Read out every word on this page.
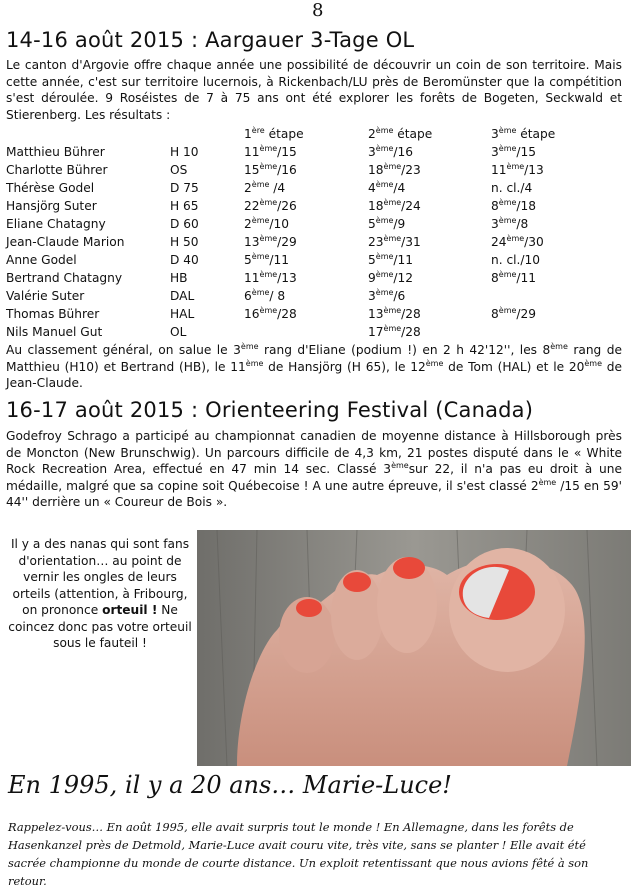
8
14-16 août 2015 : Aargauer 3-Tage OL

Le canton d'Argovie offre chaque année une possibilité de découvrir un coin de son territoire. Mais cette année, c'est sur territoire lucernois, à Rickenbach/LU près de Beromünster que la compétition s'est déroulée. 9 Roséistes de 7 à 75 ans ont été explorer les forêts de Bogeten, Seckwald et Stierenberg. Les résultats :

		1ère étape	2ème étape	3ème étape
Matthieu Bührer	H 10	11ème/15	3ème/16	3ème/15
Charlotte Bührer	OS	15ème/16	18ème/23	11ème/13
Thérèse Godel	D 75	2ème /4	4ème/4	n. cl./4
Hansjörg Suter	H 65	22ème/26	18ème/24	8ème/18
Eliane Chatagny	D 60	2ème/10	5ème/9	3ème/8
Jean-Claude Marion	H 50	13ème/29	23ème/31	24ème/30
Anne Godel	D 40	5ème/11	5ème/11	n. cl./10
Bertrand Chatagny	HB	11ème/13	9ème/12	8ème/11
Valérie Suter	DAL	6ème/ 8	3ème/6	
Thomas Bührer	HAL	16ème/28	13ème/28	8ème/29
Nils Manuel Gut	OL		17ème/28	

Au classement général, on salue le 3ème rang d'Eliane (podium !) en 2 h 42'12'', les 8ème rang de Matthieu (H10) et Bertrand (HB), le 11ème de Hansjörg (H 65), le 12ème de Tom (HAL) et le 20ème de Jean-Claude.

16-17 août 2015 : Orienteering Festival (Canada)

Godefroy Schrago a participé au championnat canadien de moyenne distance à Hillsborough près de Moncton (New Brunschwig). Un parcours difficile de 4,3 km, 21 postes disputé dans le « White Rock Recreation Area, effectué en 47 min 14 sec. Classé 3èmesur 22, il n'a pas eu droit à une médaille, malgré que sa copine soit Québecoise ! A une autre épreuve, il s'est classé 2ème /15 en 59' 44'' derrière un « Coureur de Bois ».

Il y a des nanas qui sont fans d'orientation… au point de vernir les ongles de leurs orteils (attention, à Fribourg, on prononce orteuil ! Ne coincez donc pas votre orteuil sous le fauteil !
En 1995, il y a 20 ans… Marie-Luce!

Rappelez-vous… En août 1995, elle avait surpris tout le monde ! En Allemagne, dans les forêts de Hasenkanzel près de Detmold, Marie-Luce avait couru vite, très vite, sans se planter ! Elle avait été sacrée championne du monde de courte distance. Un exploit retentissant que nous avions fêté à son retour.
